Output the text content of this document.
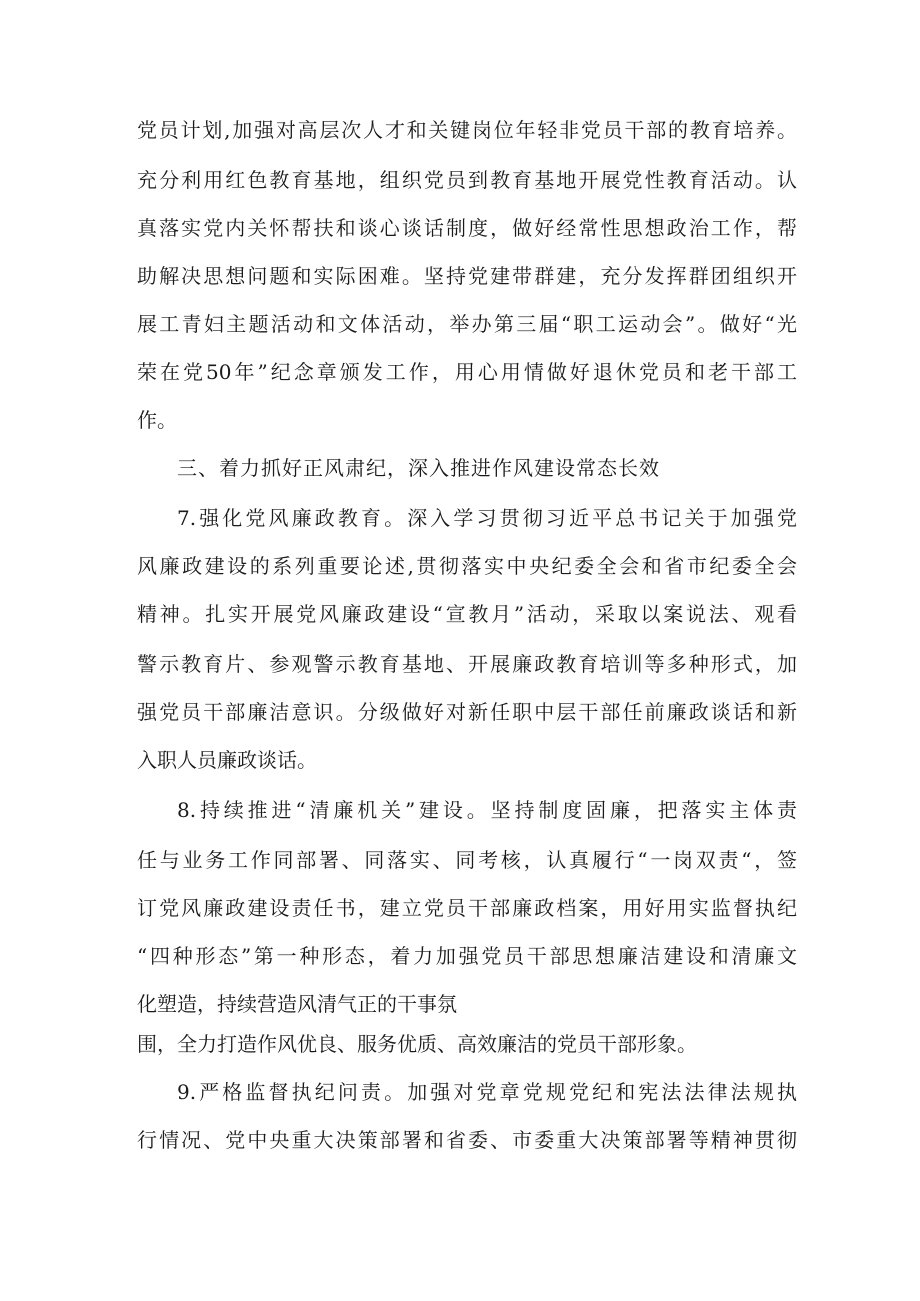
党员计划,加强对高层次人才和关键岗位年轻非党员干部的教育培养。
充分利用红色教育基地，组织党员到教育基地开展党性教育活动。认
真落实党内关怀帮扶和谈心谈话制度，做好经常性思想政治工作，帮
助解决思想问题和实际困难。坚持党建带群建，充分发挥群团组织开
展工青妇主题活动和文体活动，举办第三届“职工运动会”。做好“光
荣在党50年”纪念章颁发工作，用心用情做好退休党员和老干部工
作。
三、着力抓好正风肃纪，深入推进作风建设常态长效
7.强化党风廉政教育。深入学习贯彻习近平总书记关于加强党
风廉政建设的系列重要论述,贯彻落实中央纪委全会和省市纪委全会
精神。扎实开展党风廉政建设“宣教月”活动，采取以案说法、观看
警示教育片、参观警示教育基地、开展廉政教育培训等多种形式，加
强党员干部廉洁意识。分级做好对新任职中层干部任前廉政谈话和新
入职人员廉政谈话。
8.持续推进“清廉机关”建设。坚持制度固廉，把落实主体责
任与业务工作同部署、同落实、同考核，认真履行“一岗双责“，签
订党风廉政建设责任书，建立党员干部廉政档案，用好用实监督执纪
“四种形态”第一种形态，着力加强党员干部思想廉洁建设和清廉文
化塑造，持续营造风清气正的干事氛
围，全力打造作风优良、服务优质、高效廉洁的党员干部形象。
9.严格监督执纪问责。加强对党章党规党纪和宪法法律法规执
行情况、党中央重大决策部署和省委、市委重大决策部署等精神贯彻
